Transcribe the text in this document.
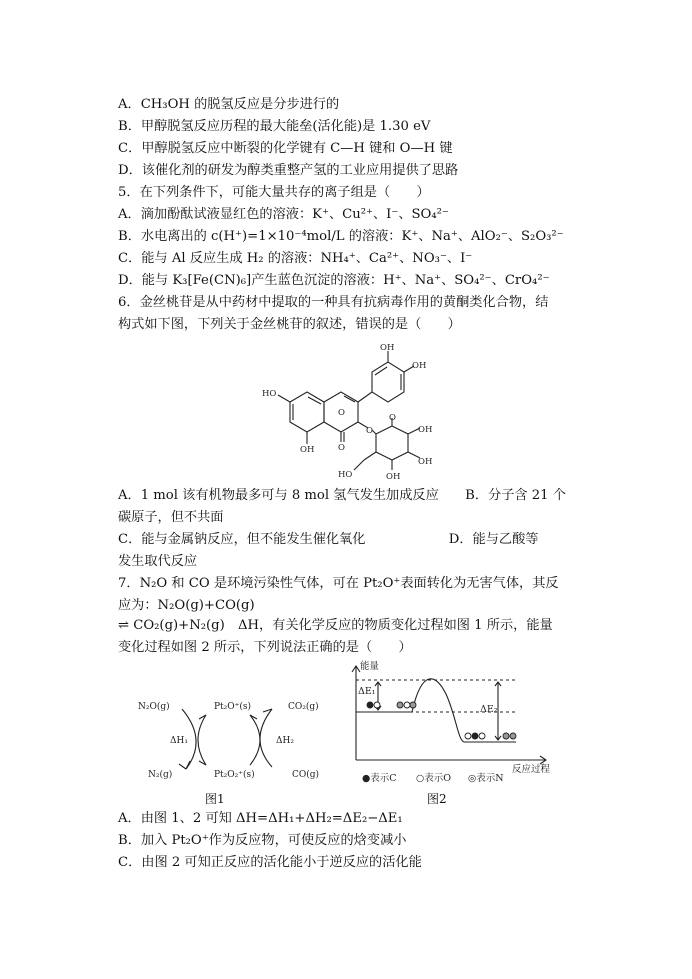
A．CH₃OH 的脱氢反应是分步进行的
B．甲醇脱氢反应历程的最大能垒(活化能)是 1.30 eV
C．甲醇脱氢反应中断裂的化学键有 C—H 键和 O—H 键
D．该催化剂的研发为醇类重整产氢的工业应用提供了思路
5．在下列条件下，可能大量共存的离子组是（　　）
A．滴加酚酞试液显红色的溶液：K⁺、Cu²⁺、I⁻、SO₄²⁻
B．水电离出的 c(H⁺)=1×10⁻⁴mol/L 的溶液：K⁺、Na⁺、AlO₂⁻、S₂O₃²⁻
C．能与 Al 反应生成 H₂ 的溶液：NH₄⁺、Ca²⁺、NO₃⁻、I⁻
D．能与 K₃[Fe(CN)₆]产生蓝色沉淀的溶液：H⁺、Na⁺、SO₄²⁻、CrO₄²⁻
6．金丝桃苷是从中药材中提取的一种具有抗病毒作用的黄酮类化合物，结
构式如下图，下列关于金丝桃苷的叙述，错误的是（　　）
OH
OH
HO
OH	O
O
O
O
OH
OH
OH
HO
A．1 mol 该有机物最多可与 8 mol 氢气发生加成反应　　B．分子含 21 个
碳原子，但不共面
C．能与金属钠反应，但不能发生催化氧化　　　　　　 D．能与乙酸等
发生取代反应
7．N₂O 和 CO 是环境污染性气体，可在 Pt₂O⁺表面转化为无害气体，其反
应为：N₂O(g)+CO(g)
⇌ CO₂(g)+N₂(g)　ΔH，有关化学反应的物质变化过程如图 1 所示，能量
变化过程如图 2 所示，下列说法正确的是（　　）
N₂O(g)	Pt₂O⁺(s)	CO₂(g)
ΔH₁	ΔH₂
N₂(g)	Pt₂O₂⁺(s)	CO(g)
图1
能量
反应过程
ΔE₁
ΔE₂
●表示C ○表示O ◎表示N
图2
A．由图 1、2 可知 ΔH=ΔH₁+ΔH₂=ΔE₂−ΔE₁
B．加入 Pt₂O⁺作为反应物，可使反应的焓变减小
C．由图 2 可知正反应的活化能小于逆反应的活化能
